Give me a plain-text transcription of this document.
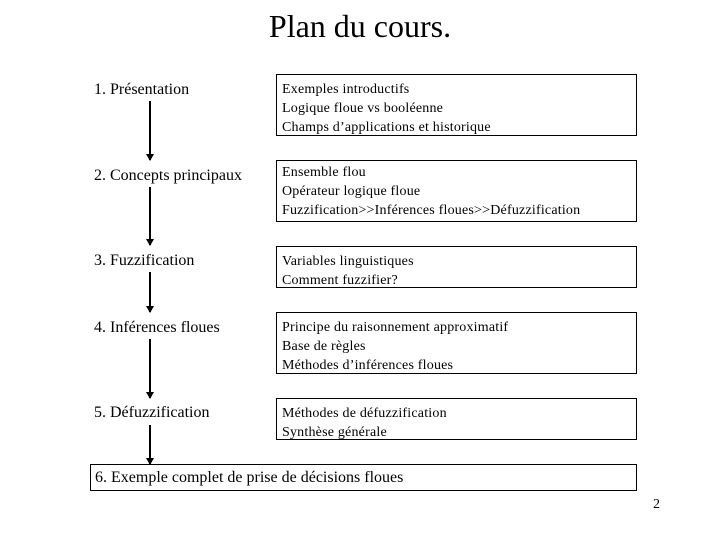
Plan du cours.
1. Présentation	Exemples introductifs
Logique floue vs booléenne
Champs d’applications et historique
2. Concepts principaux	Ensemble flou
Opérateur logique floue
Fuzzification>>Inférences floues>>Défuzzification
3. Fuzzification	Variables linguistiques
Comment fuzzifier?
4. Inférences floues	Principe du raisonnement approximatif
Base de règles
Méthodes d’inférences floues
5. Défuzzification	Méthodes de défuzzification
Synthèse générale
6. Exemple complet de prise de décisions floues
2
